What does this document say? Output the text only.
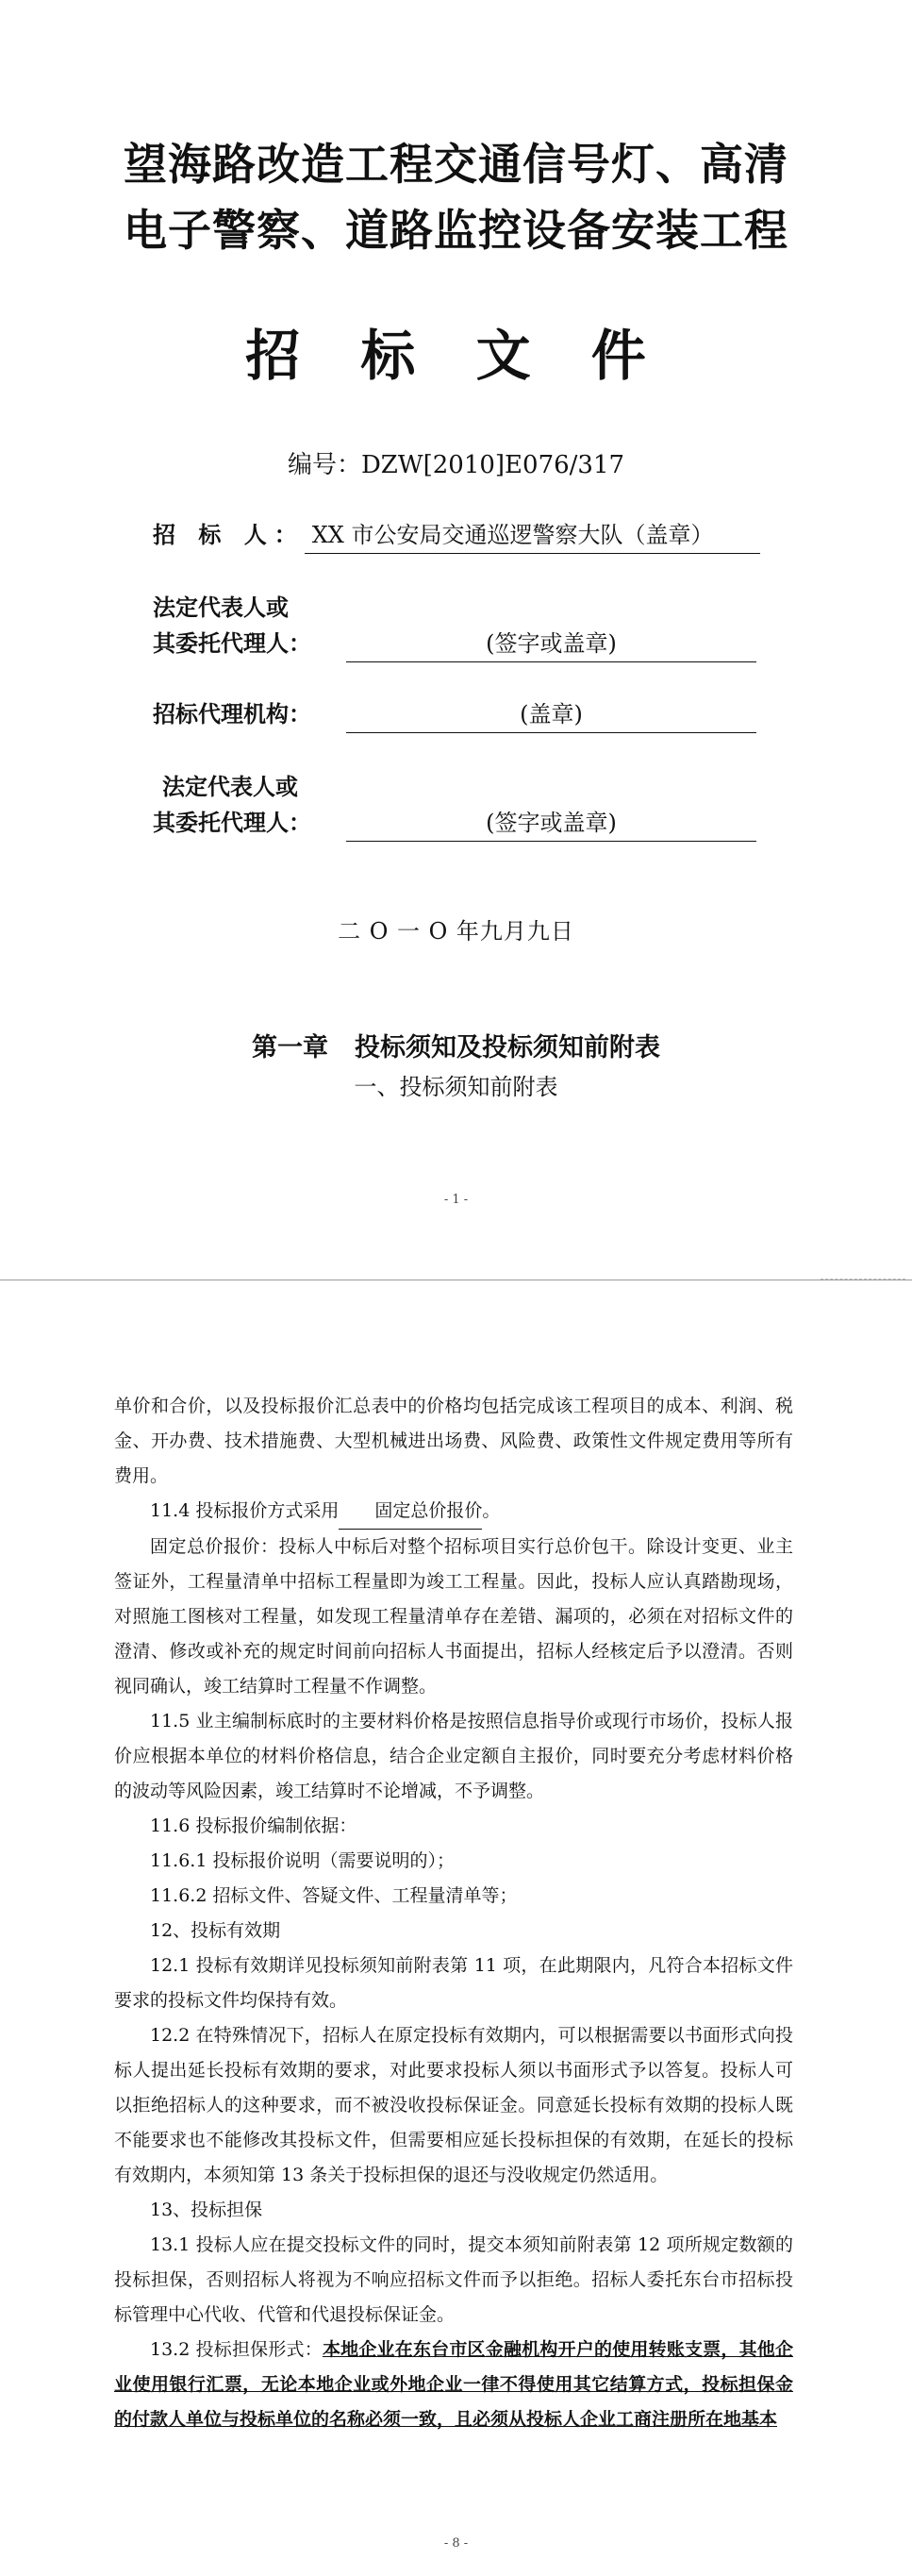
望海路改造工程交通信号灯、高清
电子警察、道路监控设备安装工程
招 标 文 件
编号：DZW[2010]E076/317
招 标 人： XX 市公安局交通巡逻警察大队（盖章）
法定代表人或
其委托代理人：	(签字或盖章)
招标代理机构：	(盖章)
法定代表人或
其委托代理人：	(签字或盖章)
二 O 一 O 年九月九日
第一章 投标须知及投标须知前附表
一、投标须知前附表
- 1 -

单价和合价，以及投标报价汇总表中的价格均包括完成该工程项目的成本、利润、税金、开办费、技术措施费、大型机械进出场费、风险费、政策性文件规定费用等所有费用。

11.4 投标报价方式采用 固定总价报价。

固定总价报价：投标人中标后对整个招标项目实行总价包干。除设计变更、业主签证外，工程量清单中招标工程量即为竣工工程量。因此，投标人应认真踏勘现场，对照施工图核对工程量，如发现工程量清单存在差错、漏项的，必须在对招标文件的澄清、修改或补充的规定时间前向招标人书面提出，招标人经核定后予以澄清。否则视同确认，竣工结算时工程量不作调整。

11.5 业主编制标底时的主要材料价格是按照信息指导价或现行市场价，投标人报价应根据本单位的材料价格信息，结合企业定额自主报价，同时要充分考虑材料价格的波动等风险因素，竣工结算时不论增减，不予调整。

11.6 投标报价编制依据：

11.6.1 投标报价说明（需要说明的）；

11.6.2 招标文件、答疑文件、工程量清单等；

12、投标有效期

12.1 投标有效期详见投标须知前附表第 11 项，在此期限内，凡符合本招标文件要求的投标文件均保持有效。

12.2 在特殊情况下，招标人在原定投标有效期内，可以根据需要以书面形式向投标人提出延长投标有效期的要求，对此要求投标人须以书面形式予以答复。投标人可以拒绝招标人的这种要求，而不被没收投标保证金。同意延长投标有效期的投标人既不能要求也不能修改其投标文件，但需要相应延长投标担保的有效期，在延长的投标有效期内，本须知第 13 条关于投标担保的退还与没收规定仍然适用。

13、投标担保

13.1 投标人应在提交投标文件的同时，提交本须知前附表第 12 项所规定数额的投标担保，否则招标人将视为不响应招标文件而予以拒绝。招标人委托东台市招标投标管理中心代收、代管和代退投标保证金。

13.2 投标担保形式：本地企业在东台市区金融机构开户的使用转账支票，其他企业使用银行汇票，无论本地企业或外地企业一律不得使用其它结算方式，投标担保金的付款人单位与投标单位的名称必须一致，且必须从投标人企业工商注册所在地基本

- 8 -
